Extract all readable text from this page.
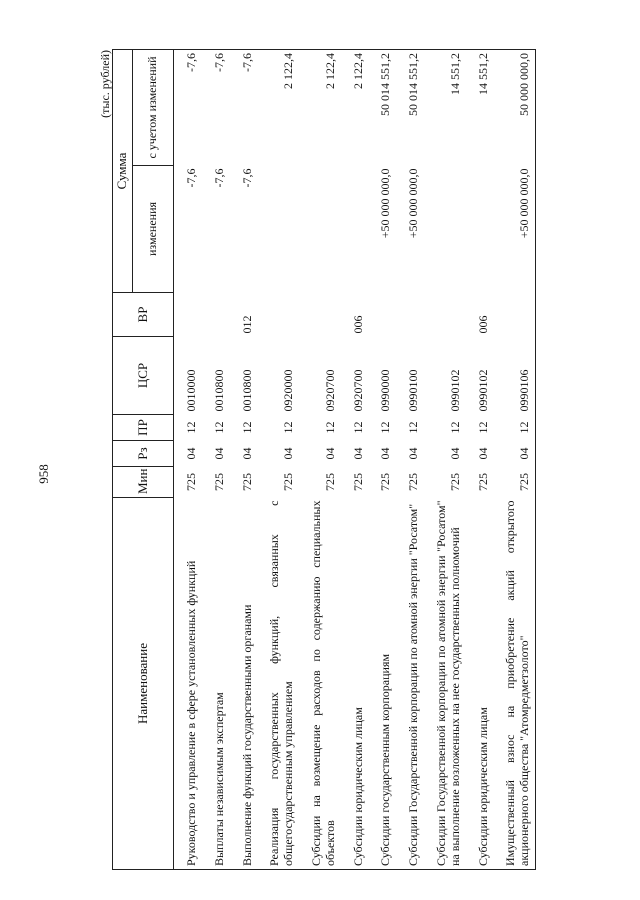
958
(тыс. рублей)
Наименование	Мин	Рз	ПР	ЦСР	ВР	Сумма	
						изменения	с учетом изменений

Руководство и управление в сфере установленных функций	725	04	12	0010000		-7,6	-7,6

Выплаты независимым экспертам	725	04	12	0010800		-7,6	-7,6

Выполнение функций государственными органами	725	04	12	0010800	012	-7,6	-7,6

Реализация государственных функций, связанных с общегосударственным управлением	725	04	12	0920000			2 122,4

Субсидии на возмещение расходов по содержанию специальных объектов	725	04	12	0920700			2 122,4

Субсидии юридическим лицам	725	04	12	0920700	006		2 122,4

Субсидии государственным корпорациям	725	04	12	0990000		+50 000 000,0	50 014 551,2

Субсидии Государственной корпорации по атомной энергии "Росатом"	725	04	12	0990100		+50 000 000,0	50 014 551,2

Субсидии Государственной корпорации по атомной энергии "Росатом" на выполнение возложенных на нее государственных полномочий	725	04	12	0990102			14 551,2

Субсидии юридическим лицам	725	04	12	0990102	006		14 551,2

Имущественный взнос на приобретение акций открытого акционерного общества "Атомредметзолото"	725	04	12	0990106		+50 000 000,0	50 000 000,0
